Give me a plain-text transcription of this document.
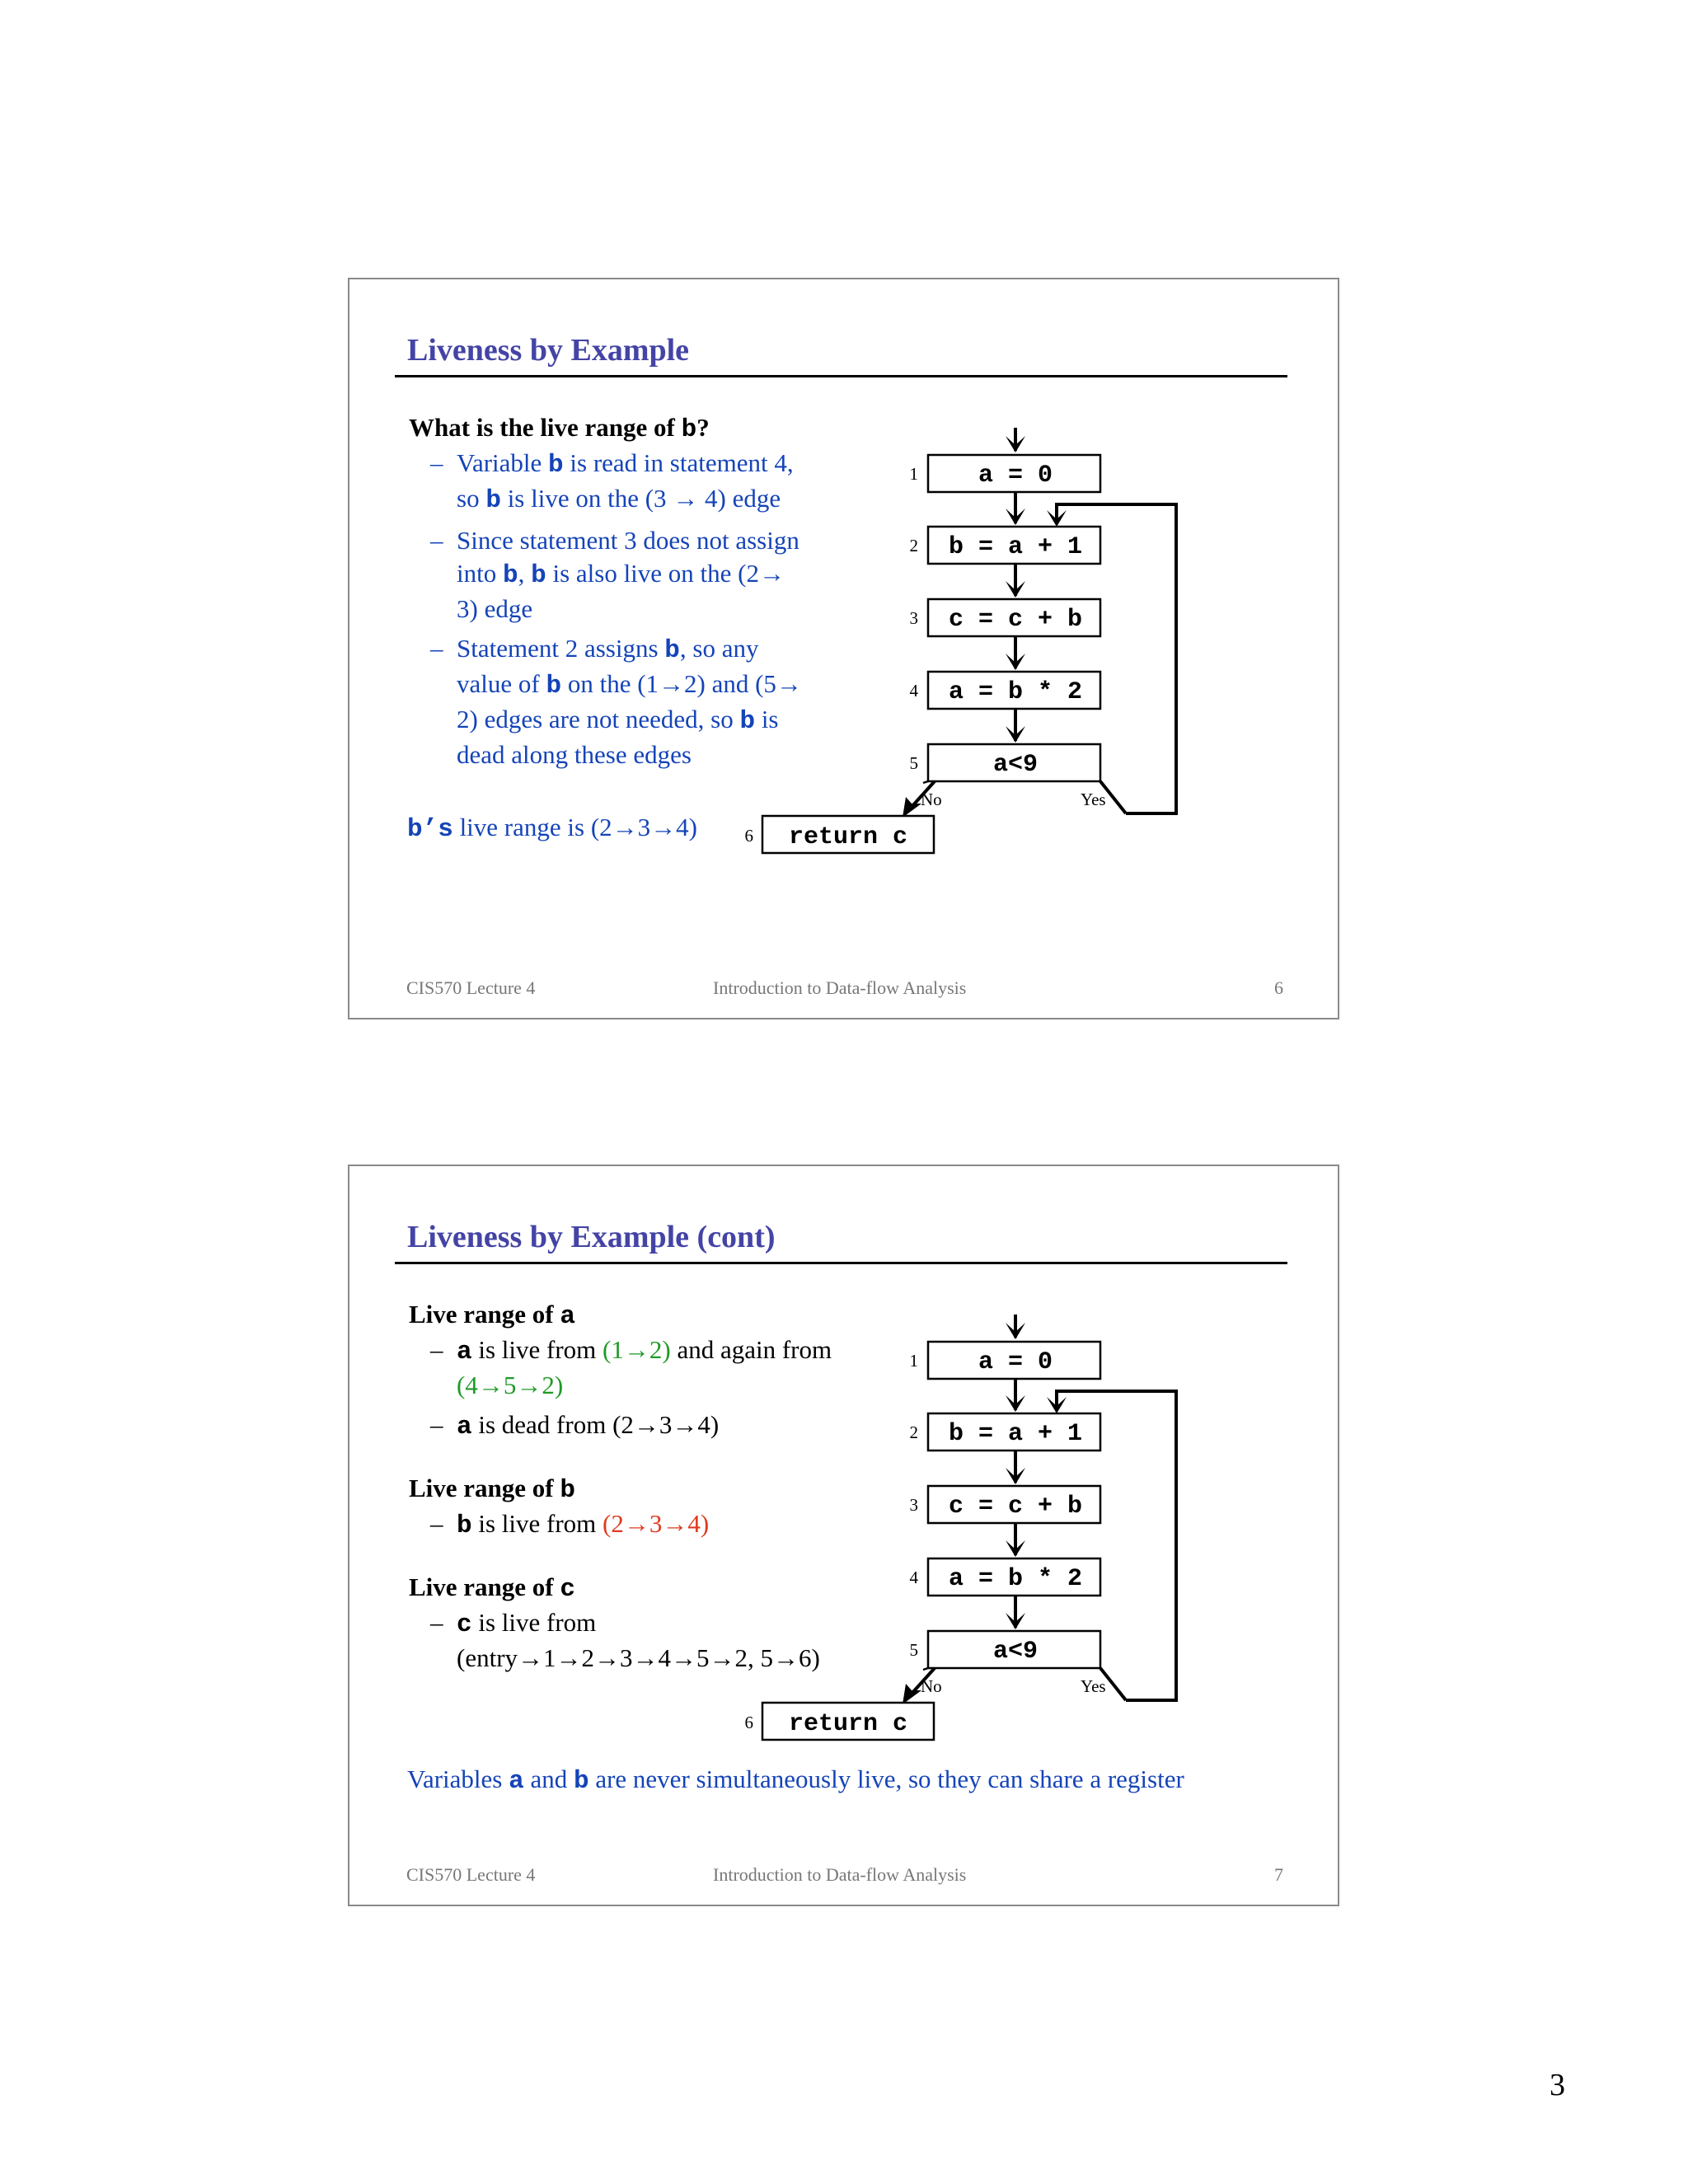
Liveness by Example
What is the live range of b?
– Variable b is read in statement 4,
so b is live on the (3 → 4) edge
– Since statement 3 does not assign
into b, b is also live on the (2→
3) edge
– Statement 2 assigns b, so any
value of b on the (1→2) and (5→
2) edges are not needed, so b is
dead along these edges
b’s live range is (2→3→4)
a = 0
1
b = a + 1
2
c = c + b
3
a = b * 2
4
a<9
5
No	Yes
return c
6
CIS570 Lecture 4	Introduction to Data-flow Analysis	6
Liveness by Example (cont)
Live range of a
– a is live from (1→2) and again from
(4→5→2)
– a is dead from (2→3→4)
Live range of b
– b is live from (2→3→4)
Live range of c
– c is live from
(entry→1→2→3→4→5→2, 5→6)
Variables a and b are never simultaneously live, so they can share a register
a = 0
1
b = a + 1
2
c = c + b
3
a = b * 2
4
a<9
5
No	Yes
return c
6
CIS570 Lecture 4	Introduction to Data-flow Analysis	7
3
